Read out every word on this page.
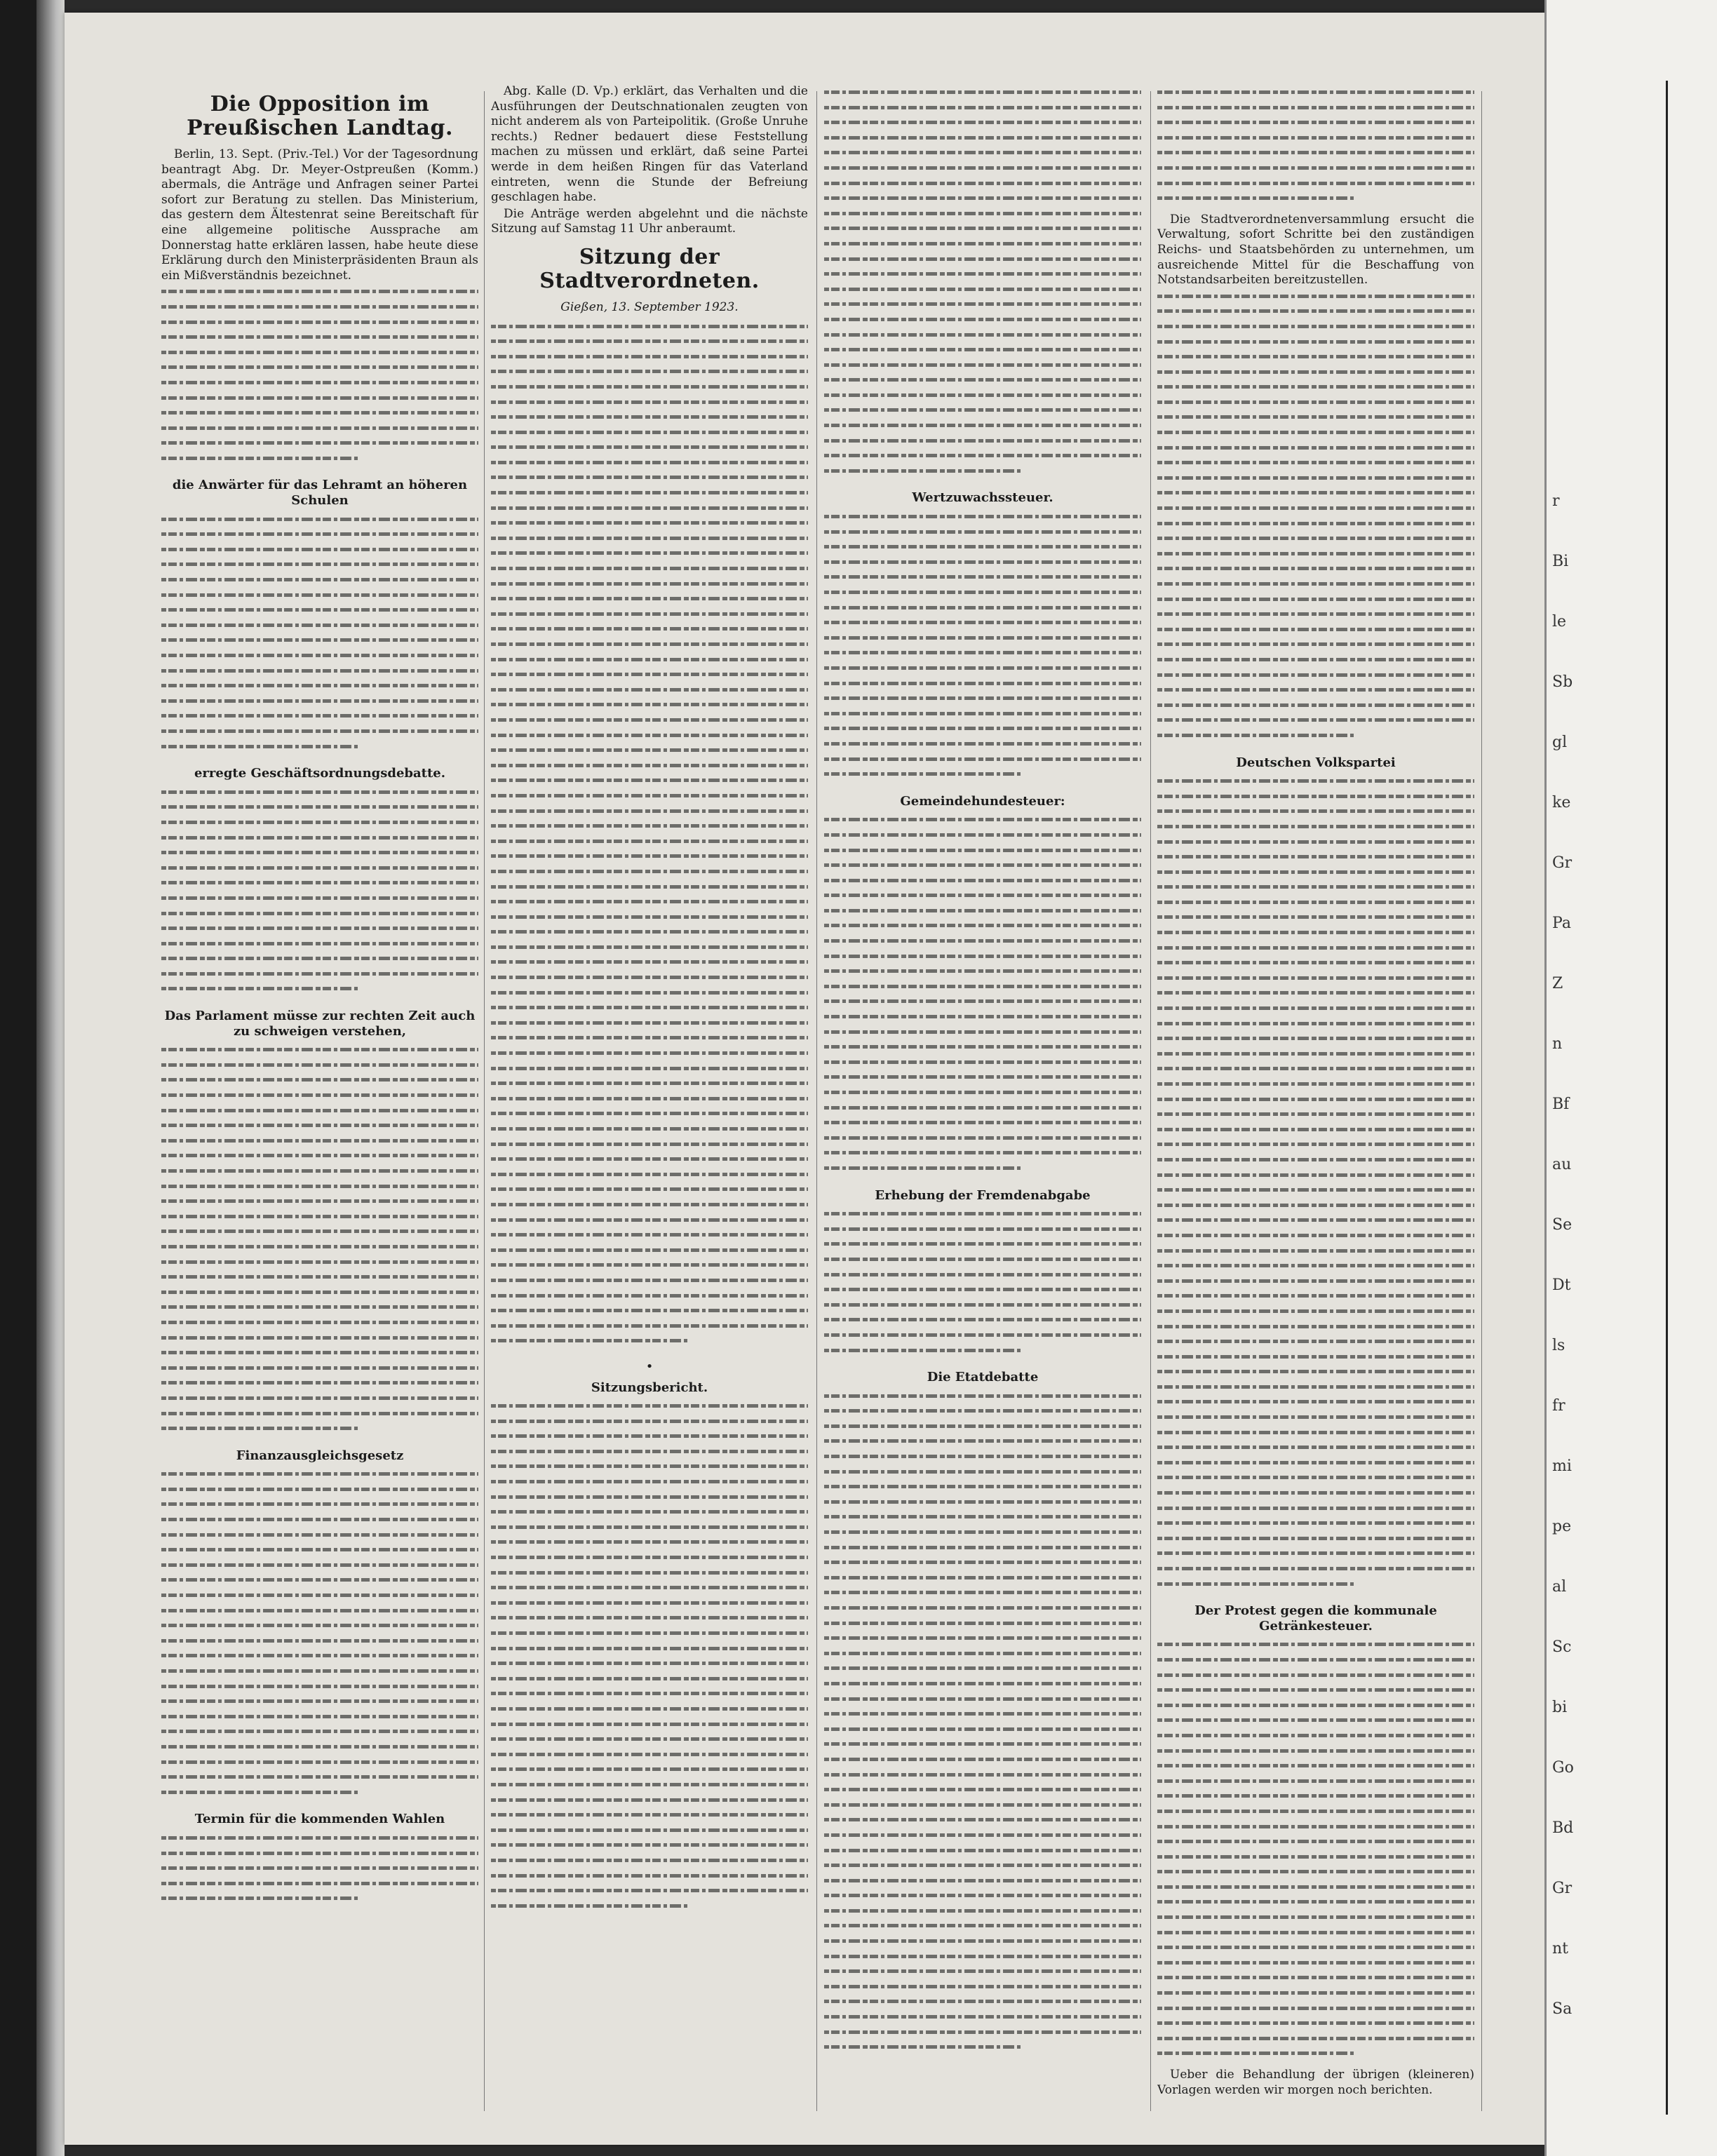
Die Opposition im Preußischen Landtag.

Berlin, 13. Sept. (Priv.-Tel.) Vor der Tagesordnung beantragt Abg. Dr. Meyer-Ostpreußen (Komm.) abermals, die Anträge und Anfragen seiner Partei sofort zur Beratung zu stellen. Das Ministerium, das gestern dem Ältestenrat seine Bereitschaft für eine allgemeine politische Aussprache am Donnerstag hatte erklären lassen, habe heute diese Erklärung durch den Ministerpräsidenten Braun als ein Mißverständnis bezeichnet.

die Anwärter für das Lehramt an höheren Schulen

erregte Geschäftsordnungsdebatte.

Das Parlament müsse zur rechten Zeit auch zu schweigen verstehen,

Finanzausgleichsgesetz

Termin für die kommenden Wahlen

Abg. Kalle (D. Vp.) erklärt, das Verhalten und die Ausführungen der Deutschnationalen zeugten von nicht anderem als von Parteipolitik. (Große Unruhe rechts.) Redner bedauert diese Feststellung machen zu müssen und erklärt, daß seine Partei werde in dem heißen Ringen für das Vaterland eintreten, wenn die Stunde der Befreiung geschlagen habe.

Die Anträge werden abgelehnt und die nächste Sitzung auf Samstag 11 Uhr anberaumt.

Sitzung der Stadtverordneten.

Gießen, 13. September 1923.

•

Sitzungsbericht.

Wertzuwachssteuer.

Gemeindehundesteuer:

Erhebung der Fremdenabgabe

Die Etatdebatte

Die Stadtverordnetenversammlung ersucht die Verwaltung, sofort Schritte bei den zuständigen Reichs- und Staatsbehörden zu unternehmen, um ausreichende Mittel für die Beschaffung von Notstandsarbeiten bereitzustellen.

Deutschen Volkspartei

Der Protest gegen die kommunale Getränkesteuer.

Ueber die Behandlung der übrigen (kleineren) Vorlagen werden wir morgen noch berichten.

r
Bi
le
Sb
gl
ke
Gr
Pa
Z
n
Bf
au
Se
Dt
ls
fr
mi
pe
al
Sc
bi
Go
Bd
Gr
nt
Sa
